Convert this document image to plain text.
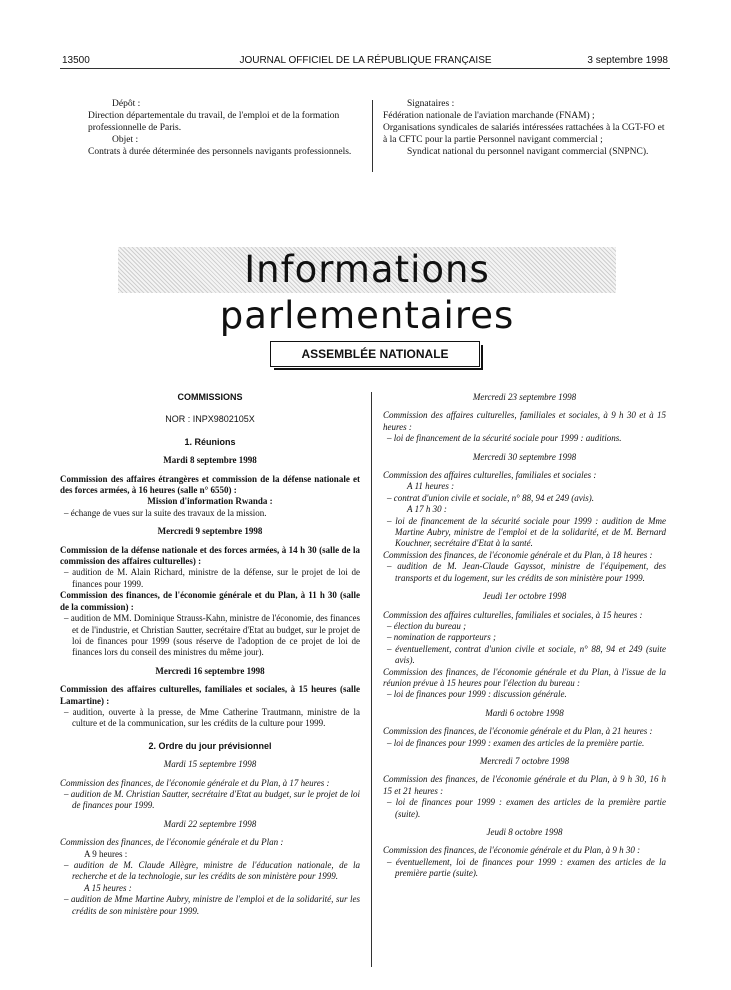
13500	JOURNAL OFFICIEL DE LA RÉPUBLIQUE FRANÇAISE	3 septembre 1998

Dépôt :

Direction départementale du travail, de l'emploi et de la formation professionnelle de Paris.

Objet :

Contrats à durée déterminée des personnels navigants professionnels.

Signataires :

Fédération nationale de l'aviation marchande (FNAM) ;

Organisations syndicales de salariés intéressées rattachées à la CGT-FO et à la CFTC pour la partie Personnel navigant commercial ;

Syndicat national du personnel navigant commercial (SNPNC).

Informations parlementaires
ASSEMBLÉE NATIONALE

COMMISSIONS

NOR : INPX9802105X

1. Réunions

Mardi 8 septembre 1998

Commission des affaires étrangères et commission de la défense nationale et des forces armées, à 16 heures (salle n° 6550) :

Mission d'information Rwanda :

– échange de vues sur la suite des travaux de la mission.

Mercredi 9 septembre 1998

Commission de la défense nationale et des forces armées, à 14 h 30 (salle de la commission des affaires culturelles) :

– audition de M. Alain Richard, ministre de la défense, sur le projet de loi de finances pour 1999.

Commission des finances, de l'économie générale et du Plan, à 11 h 30 (salle de la commission) :

– audition de MM. Dominique Strauss-Kahn, ministre de l'économie, des finances et de l'industrie, et Christian Sautter, secrétaire d'Etat au budget, sur le projet de loi de finances pour 1999 (sous réserve de l'adoption de ce projet de loi de finances lors du conseil des ministres du même jour).

Mercredi 16 septembre 1998

Commission des affaires culturelles, familiales et sociales, à 15 heures (salle Lamartine) :

– audition, ouverte à la presse, de Mme Catherine Trautmann, ministre de la culture et de la communication, sur les crédits de la culture pour 1999.

2. Ordre du jour prévisionnel

Mardi 15 septembre 1998

Commission des finances, de l'économie générale et du Plan, à 17 heures :

– audition de M. Christian Sautter, secrétaire d'Etat au budget, sur le projet de loi de finances pour 1999.

Mardi 22 septembre 1998

Commission des finances, de l'économie générale et du Plan :

A 9 heures :

– audition de M. Claude Allègre, ministre de l'éducation nationale, de la recherche et de la technologie, sur les crédits de son ministère pour 1999.

A 15 heures :

– audition de Mme Martine Aubry, ministre de l'emploi et de la solidarité, sur les crédits de son ministère pour 1999.

Mercredi 23 septembre 1998

Commission des affaires culturelles, familiales et sociales, à 9 h 30 et à 15 heures :

– loi de financement de la sécurité sociale pour 1999 : auditions.

Mercredi 30 septembre 1998

Commission des affaires culturelles, familiales et sociales :

A 11 heures :

– contrat d'union civile et sociale, n° 88, 94 et 249 (avis).

A 17 h 30 :

– loi de financement de la sécurité sociale pour 1999 : audition de Mme Martine Aubry, ministre de l'emploi et de la solidarité, et de M. Bernard Kouchner, secrétaire d'Etat à la santé.

Commission des finances, de l'économie générale et du Plan, à 18 heures :

– audition de M. Jean-Claude Gayssot, ministre de l'équipement, des transports et du logement, sur les crédits de son ministère pour 1999.

Jeudi 1er octobre 1998

Commission des affaires culturelles, familiales et sociales, à 15 heures :

– élection du bureau ;

– nomination de rapporteurs ;

– éventuellement, contrat d'union civile et sociale, n° 88, 94 et 249 (suite avis).

Commission des finances, de l'économie générale et du Plan, à l'issue de la réunion prévue à 15 heures pour l'élection du bureau :

– loi de finances pour 1999 : discussion générale.

Mardi 6 octobre 1998

Commission des finances, de l'économie générale et du Plan, à 21 heures :

– loi de finances pour 1999 : examen des articles de la première partie.

Mercredi 7 octobre 1998

Commission des finances, de l'économie générale et du Plan, à 9 h 30, 16 h 15 et 21 heures :

– loi de finances pour 1999 : examen des articles de la première partie (suite).

Jeudi 8 octobre 1998

Commission des finances, de l'économie générale et du Plan, à 9 h 30 :

– éventuellement, loi de finances pour 1999 : examen des articles de la première partie (suite).
